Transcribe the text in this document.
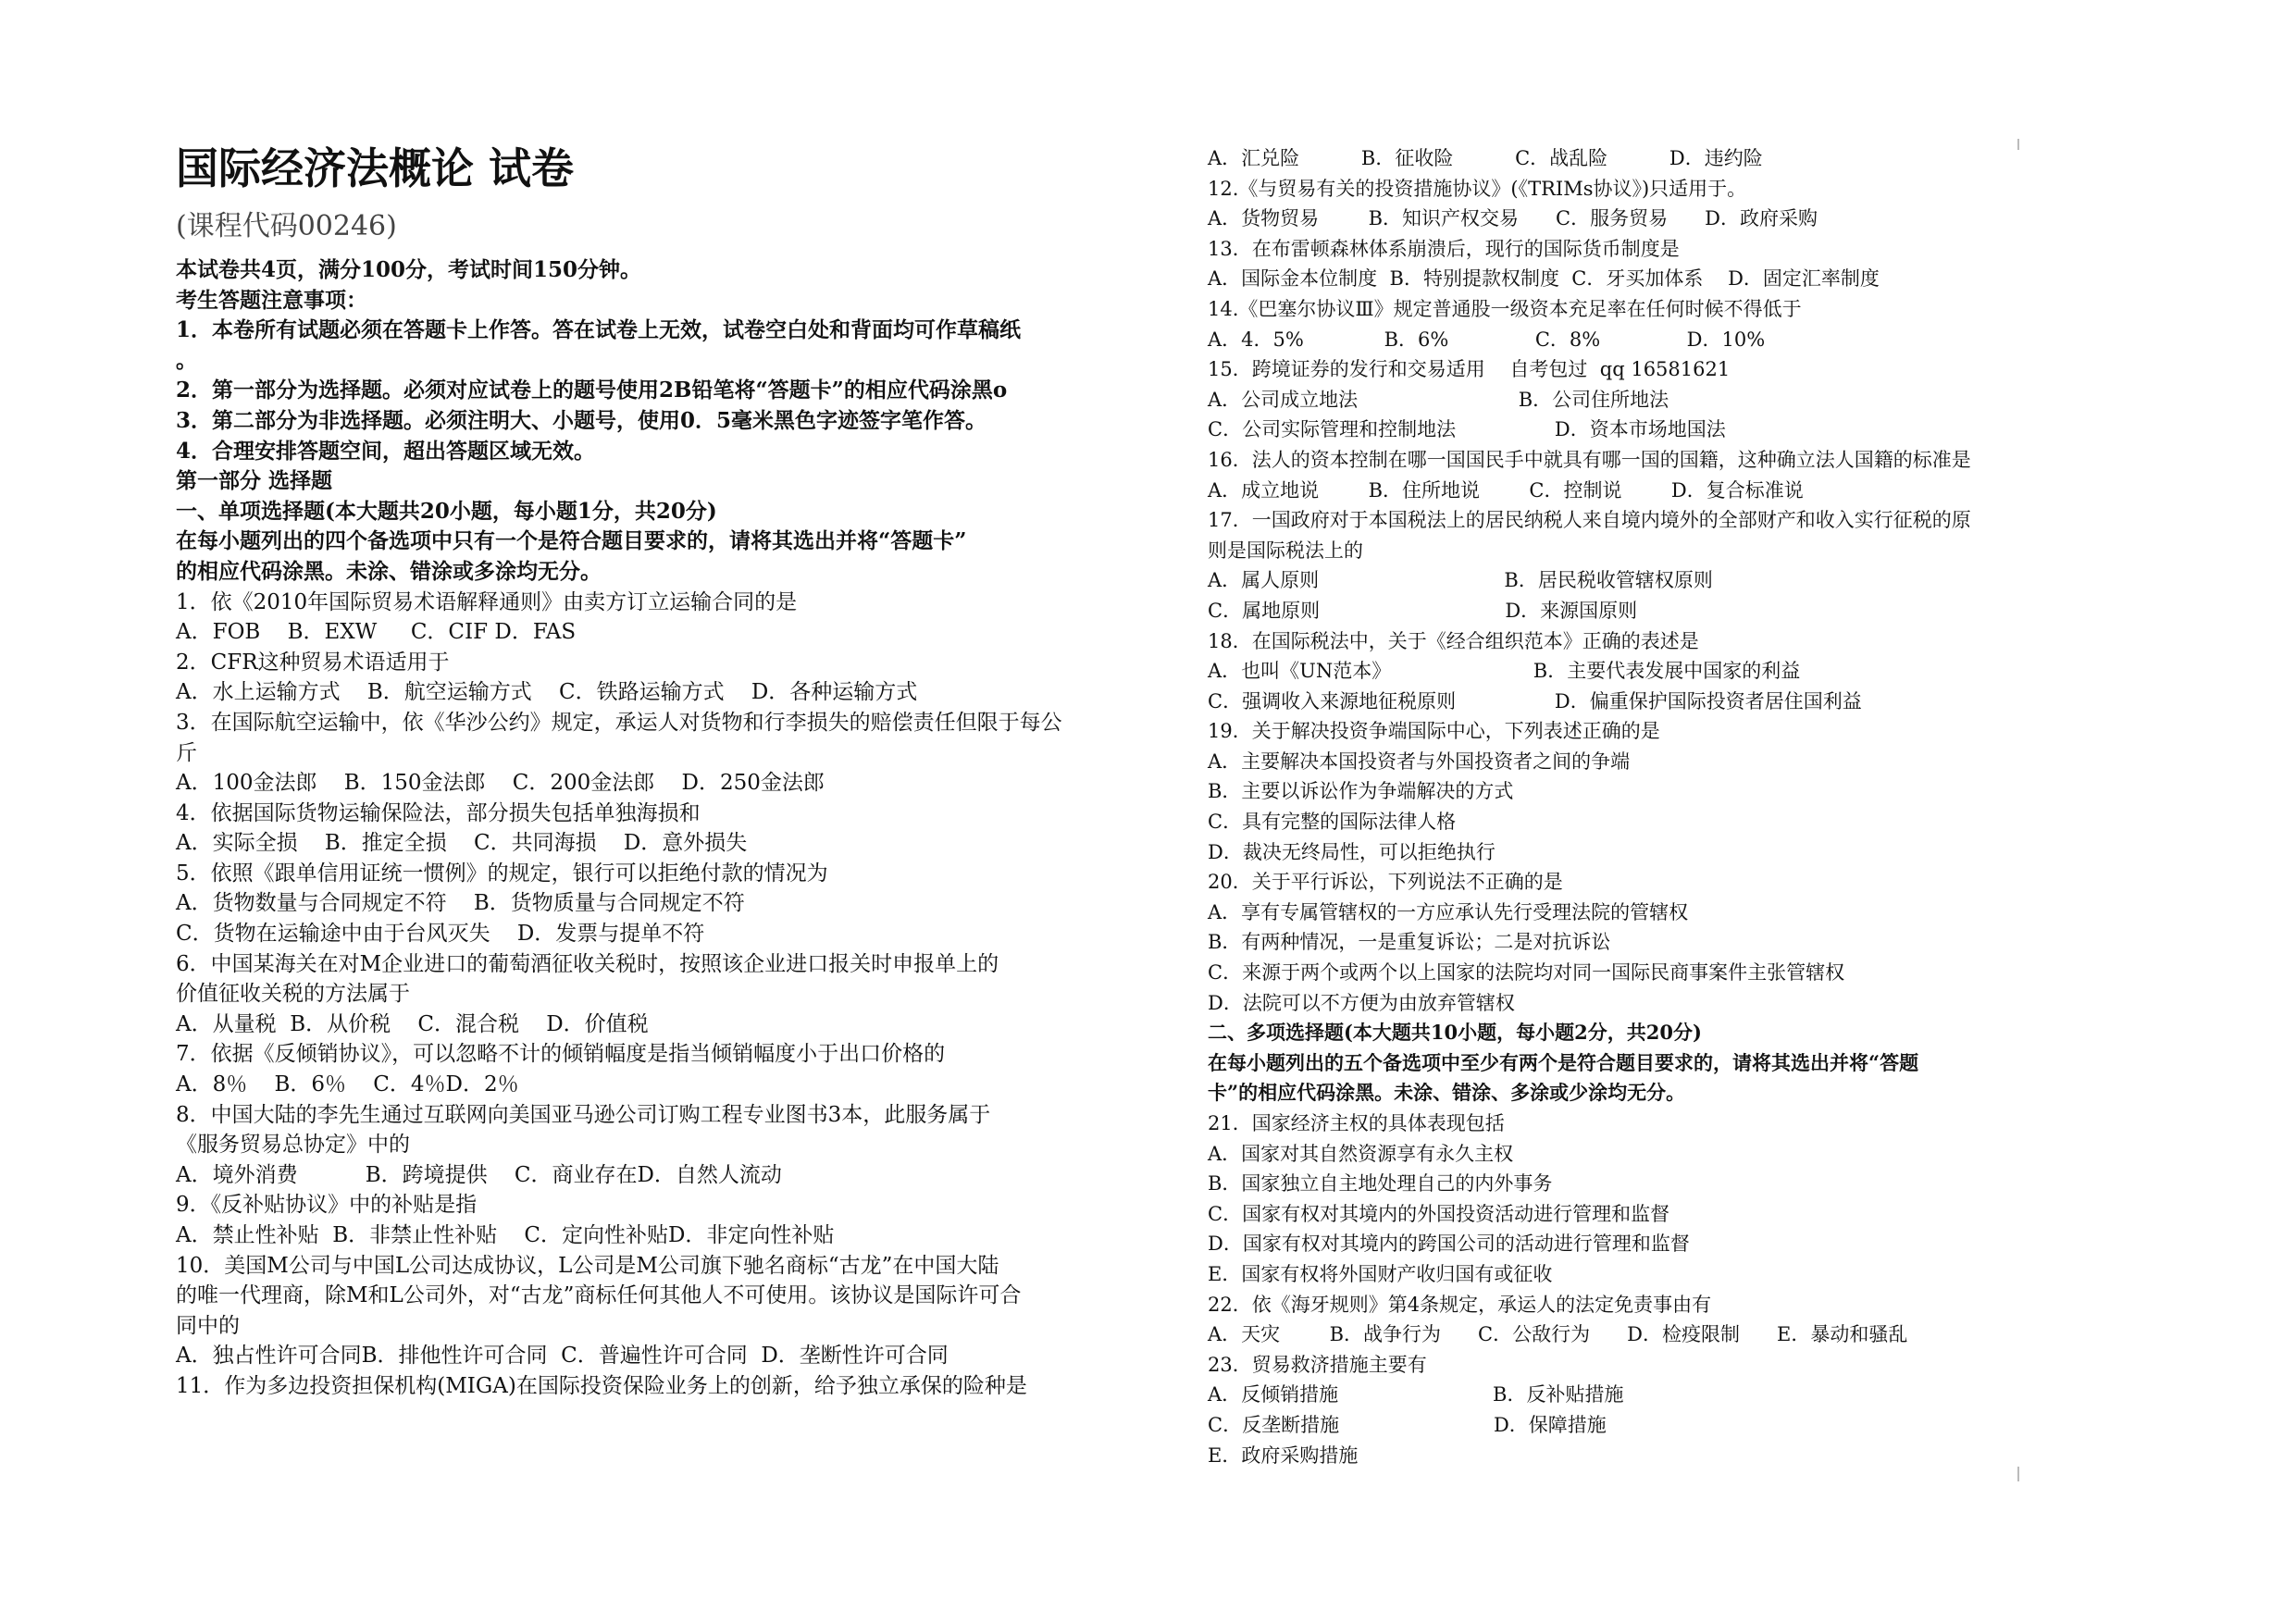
国际经济法概论 试卷
(课程代码00246)
本试卷共4页，满分100分，考试时间150分钟。
考生答题注意事项：
1．本卷所有试题必须在答题卡上作答。答在试卷上无效，试卷空白处和背面均可作草稿纸
。
2．第一部分为选择题。必须对应试卷上的题号使用2B铅笔将“答题卡”的相应代码涂黑o
3．第二部分为非选择题。必须注明大、小题号，使用0．5毫米黑色字迹签字笔作答。
4．合理安排答题空间，超出答题区域无效。
第一部分 选择题
一、单项选择题(本大题共20小题，每小题1分，共20分)
在每小题列出的四个备选项中只有一个是符合题目要求的，请将其选出并将“答题卡”
的相应代码涂黑。未涂、错涂或多涂均无分。
1．依《2010年国际贸易术语解释通则》由卖方订立运输合同的是
A．FOB    B．EXW     C．CIF D．FAS
2．CFR这种贸易术语适用于
A．水上运输方式    B．航空运输方式    C．铁路运输方式    D．各种运输方式
3．在国际航空运输中，依《华沙公约》规定，承运人对货物和行李损失的赔偿责任但限于每公
斤
A．100金法郎    B．150金法郎    C．200金法郎    D．250金法郎
4．依据国际货物运输保险法，部分损失包括单独海损和
A．实际全损    B．推定全损    C．共同海损    D．意外损失
5．依照《跟单信用证统一惯例》的规定，银行可以拒绝付款的情况为
A．货物数量与合同规定不符    B．货物质量与合同规定不符
C．货物在运输途中由于台风灭失    D．发票与提单不符
6．中国某海关在对M企业进口的葡萄酒征收关税时，按照该企业进口报关时申报单上的
价值征收关税的方法属于
A．从量税  B．从价税    C．混合税    D．价值税
7．依据《反倾销协议》，可以忽略不计的倾销幅度是指当倾销幅度小于出口价格的
A．8％    B．6％    C．4％D．2％
8．中国大陆的李先生通过互联网向美国亚马逊公司订购工程专业图书3本，此服务属于
《服务贸易总协定》中的
A．境外消费          B．跨境提供    C．商业存在D．自然人流动
9．《反补贴协议》中的补贴是指
A．禁止性补贴  B．非禁止性补贴    C．定向性补贴D．非定向性补贴
10．美国M公司与中国L公司达成协议，L公司是M公司旗下驰名商标“古龙”在中国大陆
的唯一代理商，除M和L公司外，对“古龙”商标任何其他人不可使用。该协议是国际许可合
同中的
A．独占性许可合同B．排他性许可合同  C．普遍性许可合同  D．垄断性许可合同
11．作为多边投资担保机构(MIGA)在国际投资保险业务上的创新，给予独立承保的险种是
A．汇兑险          B．征收险          C．战乱险          D．违约险
12.《与贸易有关的投资措施协议》(《TRIMs协议》)只适用于。
A．货物贸易        B．知识产权交易      C．服务贸易      D．政府采购
13．在布雷顿森林体系崩溃后，现行的国际货币制度是
A．国际金本位制度  B．特别提款权制度  C．牙买加体系    D．固定汇率制度
14.《巴塞尔协议Ⅲ》规定普通股一级资本充足率在任何时候不得低于
A．4．5%             B．6%              C．8%              D．10%
15．跨境证券的发行和交易适用    自考包过  qq 16581621
A．公司成立地法                          B．公司住所地法
C．公司实际管理和控制地法                D．资本市场地国法
16．法人的资本控制在哪一国国民手中就具有哪一国的国籍，这种确立法人国籍的标准是
A．成立地说        B．住所地说        C．控制说        D．复合标准说
17．一国政府对于本国税法上的居民纳税人来自境内境外的全部财产和收入实行征税的原
则是国际税法上的
A．属人原则                              B．居民税收管辖权原则
C．属地原则                              D．来源国原则
18．在国际税法中，关于《经合组织范本》正确的表述是
A．也叫《UN范本》                       B．主要代表发展中国家的利益
C．强调收入来源地征税原则                D．偏重保护国际投资者居住国利益
19．关于解决投资争端国际中心，下列表述正确的是
A．主要解决本国投资者与外国投资者之间的争端
B．主要以诉讼作为争端解决的方式
C．具有完整的国际法律人格
D．裁决无终局性，可以拒绝执行
20．关于平行诉讼，下列说法不正确的是
A．享有专属管辖权的一方应承认先行受理法院的管辖权
B．有两种情况，一是重复诉讼；二是对抗诉讼
C．来源于两个或两个以上国家的法院均对同一国际民商事案件主张管辖权
D．法院可以不方便为由放弃管辖权
二、多项选择题(本大题共10小题，每小题2分，共20分)
在每小题列出的五个备选项中至少有两个是符合题目要求的，请将其选出并将“答题
卡”的相应代码涂黑。未涂、错涂、多涂或少涂均无分。
21．国家经济主权的具体表现包括
A．国家对其自然资源享有永久主权
B．国家独立自主地处理自己的内外事务
C．国家有权对其境内的外国投资活动进行管理和监督
D．国家有权对其境内的跨国公司的活动进行管理和监督
E．国家有权将外国财产收归国有或征收
22．依《海牙规则》第4条规定，承运人的法定免责事由有
A．天灾        B．战争行为      C．公敌行为      D．检疫限制      E．暴动和骚乱
23．贸易救济措施主要有
A．反倾销措施                         B．反补贴措施
C．反垄断措施                         D．保障措施
E．政府采购措施
